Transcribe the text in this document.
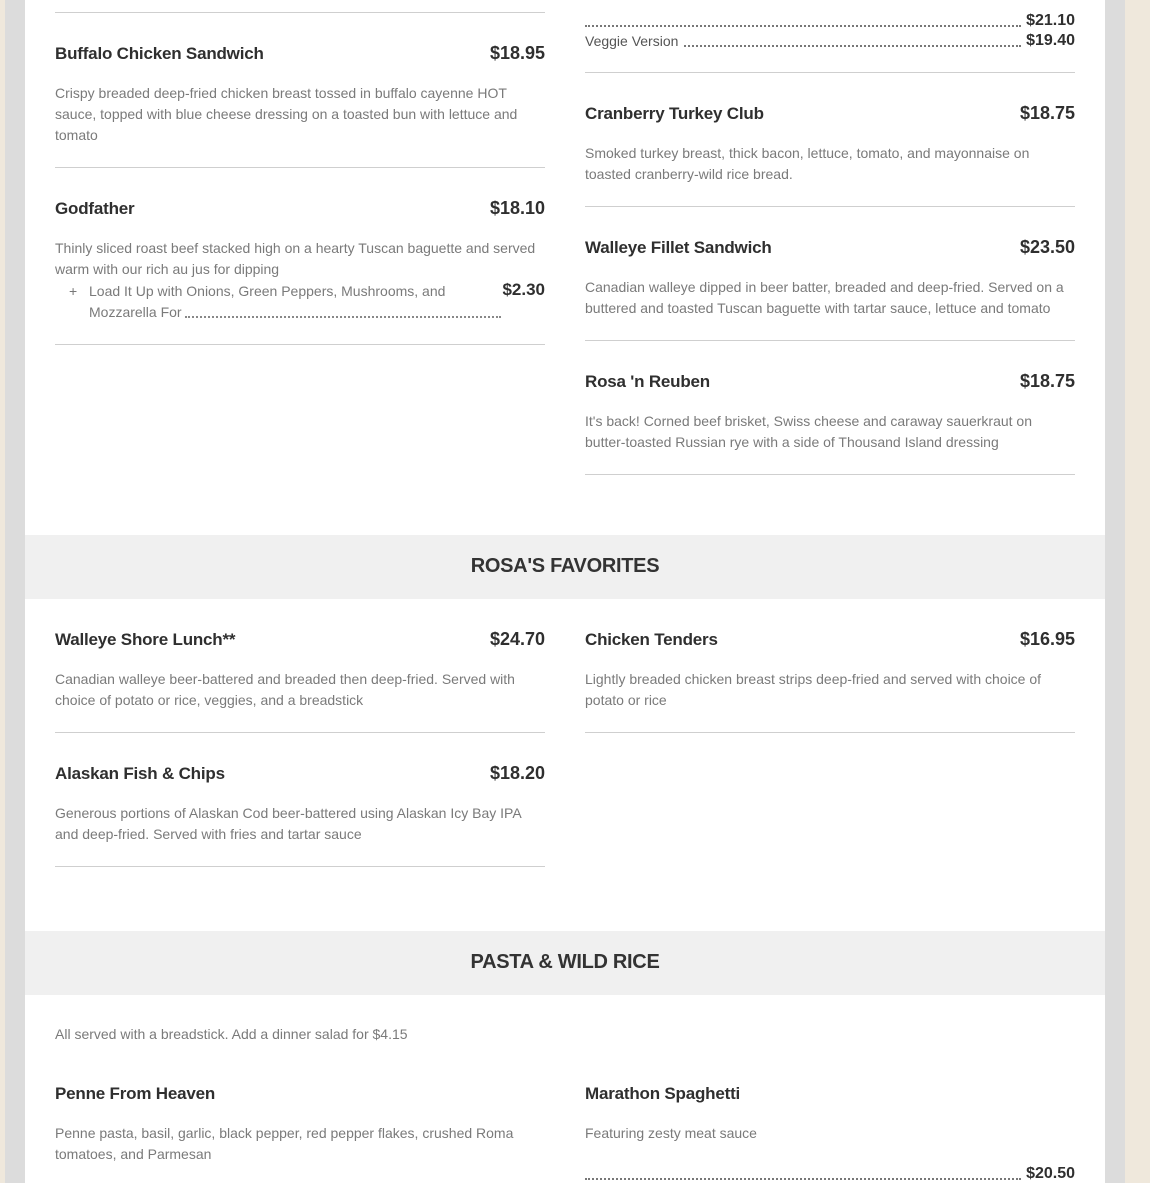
Buffalo Chicken Sandwich	$18.95
Crispy breaded deep-fried chicken breast tossed in buffalo cayenne HOT sauce, topped with blue cheese dressing on a toasted bun with lettuce and tomato
Godfather	$18.10
Thinly sliced roast beef stacked high on a hearty Tuscan baguette and served warm with our rich au jus for dipping
+ Load It Up with Onions, Green Peppers, Mushrooms, and Mozzarella For
$2.30
$21.10
Veggie Version	$19.40
Cranberry Turkey Club	$18.75
Smoked turkey breast, thick bacon, lettuce, tomato, and mayonnaise on toasted cranberry-wild rice bread.
Walleye Fillet Sandwich	$23.50
Canadian walleye dipped in beer batter, breaded and deep-fried. Served on a buttered and toasted Tuscan baguette with tartar sauce, lettuce and tomato
Rosa 'n Reuben	$18.75
It's back! Corned beef brisket, Swiss cheese and caraway sauerkraut on butter-toasted Russian rye with a side of Thousand Island dressing
ROSA'S FAVORITES
Walleye Shore Lunch**	$24.70
Canadian walleye beer-battered and breaded then deep-fried. Served with choice of potato or rice, veggies, and a breadstick
Alaskan Fish & Chips	$18.20
Generous portions of Alaskan Cod beer-battered using Alaskan Icy Bay IPA and deep-fried. Served with fries and tartar sauce
Chicken Tenders	$16.95
Lightly breaded chicken breast strips deep-fried and served with choice of potato or rice
PASTA & WILD RICE
All served with a breadstick. Add a dinner salad for $4.15
Penne From Heaven
Penne pasta, basil, garlic, black pepper, red pepper flakes, crushed Roma tomatoes, and Parmesan
Marathon Spaghetti
Featuring zesty meat sauce
$20.50
